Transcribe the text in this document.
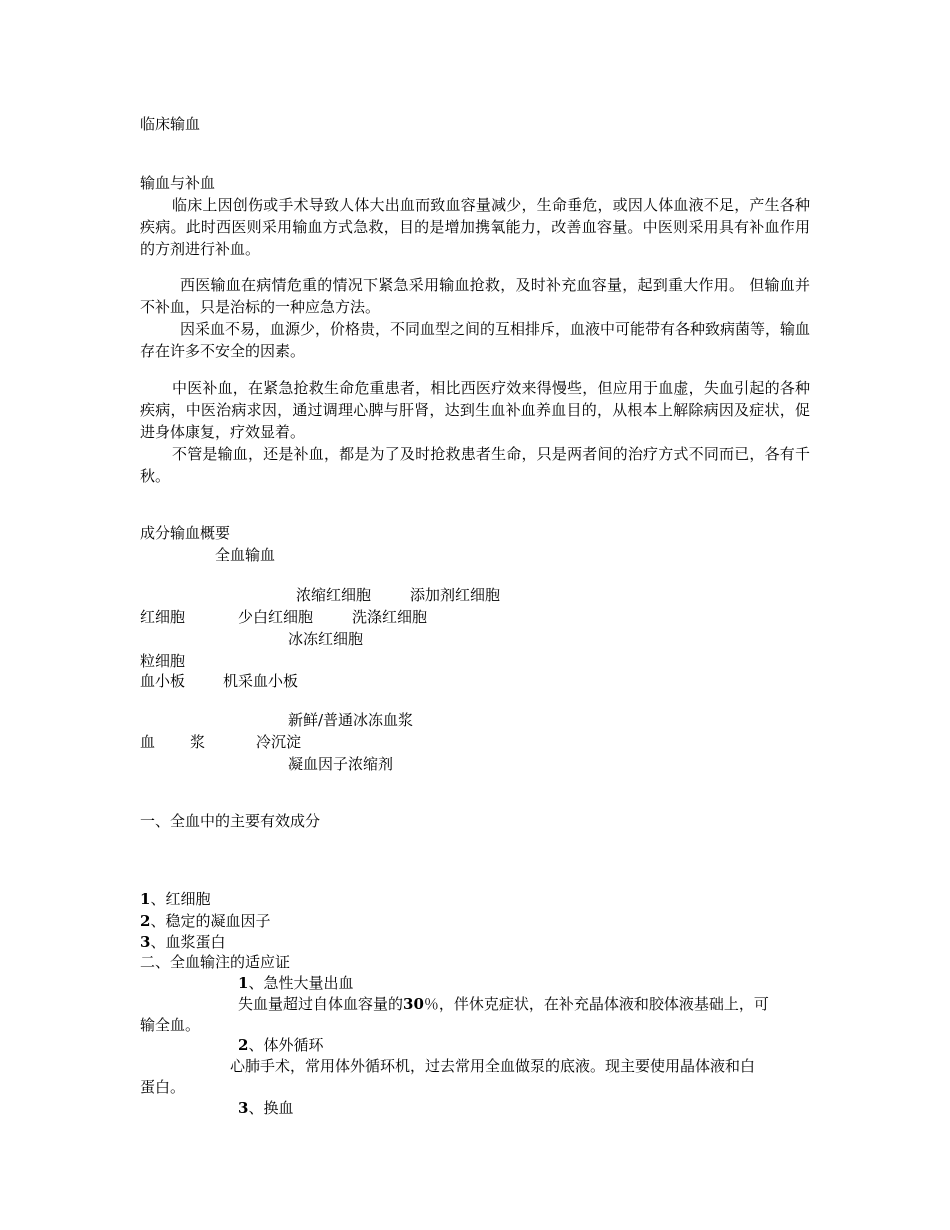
临床输血
输血与补血
临床上因创伤或手术导致人体大出血而致血容量减少，生命垂危，或因人体血液不足，产生各种疾病。此时西医则采用输血方式急救，目的是增加携氧能力，改善血容量。中医则采用具有补血作用的方剂进行补血。
西医输血在病情危重的情况下紧急采用输血抢救，及时补充血容量，起到重大作用。 但输血并不补血，只是治标的一种应急方法。
因采血不易，血源少，价格贵，不同血型之间的互相排斥，血液中可能带有各种致病菌等，输血存在许多不安全的因素。
中医补血，在紧急抢救生命危重患者，相比西医疗效来得慢些，但应用于血虚，失血引起的各种疾病，中医治病求因，通过调理心脾与肝肾，达到生血补血养血目的，从根本上解除病因及症状，促进身体康复，疗效显着。
不管是输血，还是补血，都是为了及时抢救患者生命，只是两者间的治疗方式不同而已，各有千秋。
成分输血概要
全血输血
浓缩红细胞	添加剂红细胞
红细胞	少白红细胞	洗涤红细胞
冰冻红细胞
粒细胞
血小板	机采血小板
新鲜/普通冰冻血浆
血 浆	冷沉淀
凝血因子浓缩剂
一、全血中的主要有效成分
1、红细胞
2、稳定的凝血因子
3、血浆蛋白
二、全血输注的适应证
1、急性大量出血
失血量超过自体血容量的30％，伴休克症状，在补充晶体液和胶体液基础上，可
输全血。
2、体外循环
心肺手术，常用体外循环机，过去常用全血做泵的底液。现主要使用晶体液和白
蛋白。
3、换血
